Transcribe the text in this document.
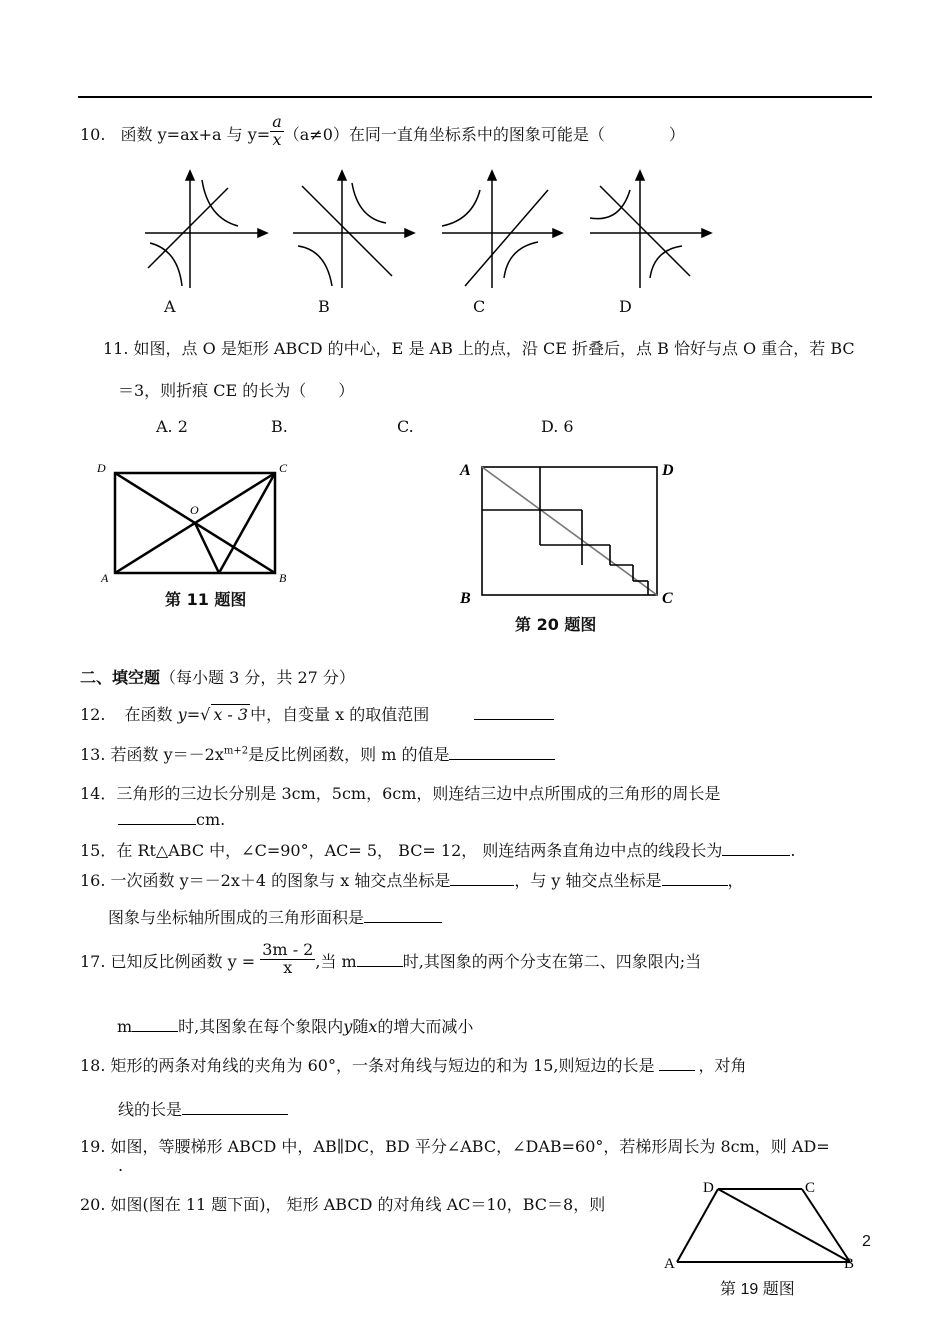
10. 函数 y=ax+a 与 $y= \frac{a}{x} (a\ne 0)$在同一直角坐标系中的图象可能是（　　　　）
A	B	C	D
11. 如图，点 O 是矩形 ABCD 的中心，E 是 AB 上的点，沿 CE 折叠后，点 B 恰好与点 O 重合，若 BC
＝3，则折痕 CE 的长为（　　）
A. 2	B.	C.	D. 6
D	C
O
A	B
第 11 题图
A	D
B	C
第 20 题图
二、填空题（每小题 3 分，共 27 分）
12. 在函数 y=√ x - 3 中，自变量 x 的取值范围
13. 若函数 $y=-2x^{m+2}$是反比例函数，则 m 的值是
14．三角形的三边长分别是 3cm，5cm，6cm，则连结三边中点所围成的三角形的周长是
cm.
15．在 Rt△ABC 中，∠C=90°，AC= 5， BC= 12， 则连结两条直角边中点的线段长为	.
16. 一次函数 y＝－2x＋4 的图象与 x 轴交点坐标是	，与 y 轴交点坐标是	，
图象与坐标轴所围成的三角形面积是
17. 已知反比例函数 $y = \frac{3m - 2}{x}$ ,当 m	时,其图象的两个分支在第二、四象限内;当
m	时,其图象在每个象限内y随x的增大而减小
18. 矩形的两条对角线的夹角为 60°，一条对角线与短边的和为 15,则短边的长是	，对角
线的长是
19. 如图，等腰梯形 ABCD 中，AB∥DC，BD 平分∠ABC，∠DAB=60°，若梯形周长为 8cm，则 AD=
.
20. 如图(图在 11 题下面)， 矩形 ABCD 的对角线 AC＝10，BC＝8，则
D	C
A	B
2
第 19 题图
